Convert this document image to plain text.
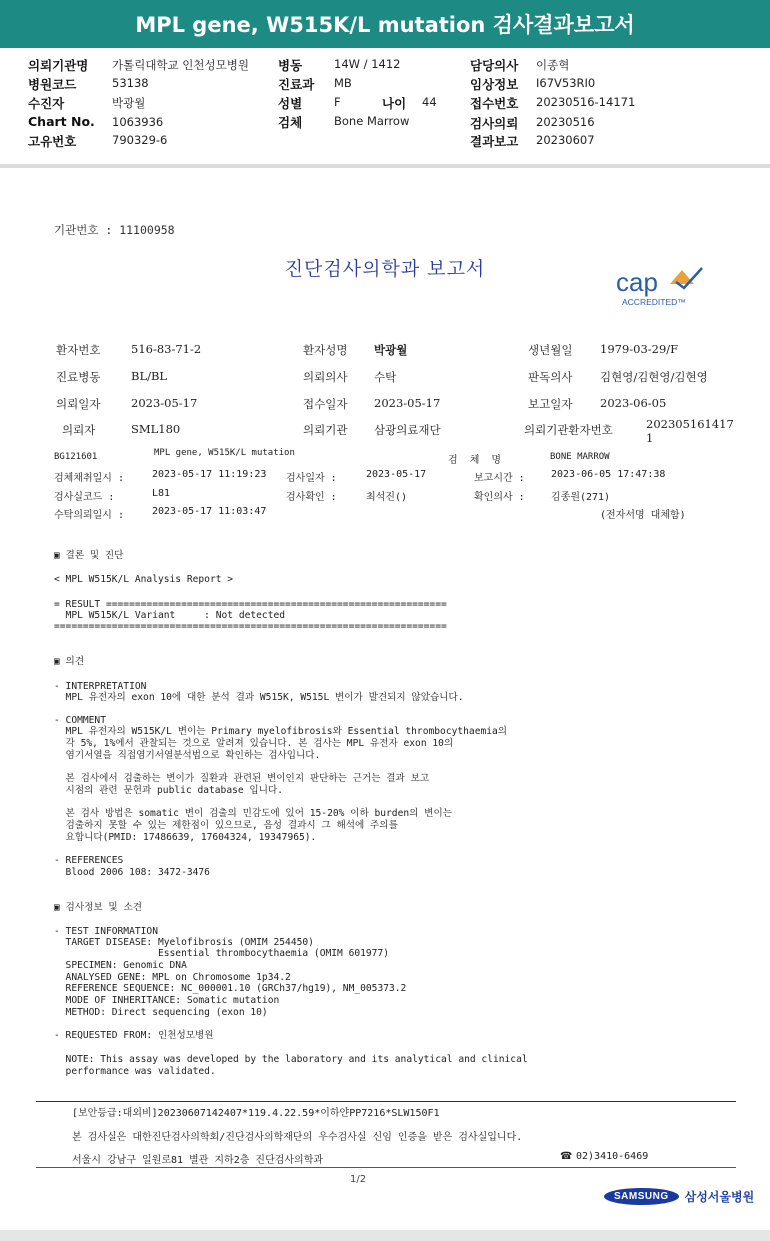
MPL gene, W515K/L mutation 검사결과보고서
의뢰기관명 가톨릭대학교 인천성모병원 병동	14W / 1412	담당의사 이종혁
병원코드	53138	진료과 MB	임상정보 I67V53RI0
수진자	박광월	성별	F	나이 44	접수번호 20230516-14171
Chart No. 1063936	검체	Bone Marrow	검사의뢰 20230516
고유번호	790329-6	결과보고 20230607
기관번호 : 11100958
진단검사의학과 보고서	cap
ACCREDITED™
환자번호	516-83-71-2	환자성명 박광월	생년월일 1979-03-29/F
진료병동	BL/BL	의뢰의사 수탁	판독의사 김현영/김현영/김현영
의뢰일자	2023-05-17	접수일자 2023-05-17	보고일자 2023-06-05
의뢰자	SML180	의뢰기관 삼광의료재단	의뢰기관환자번호	202305161417
1
BG121601	MPL gene, W515K/L mutation
검  체  명	BONE MARROW
검체채취일시 :	2023-05-17 11:19:23 검사일자 :	2023-05-17	보고시간 :	2023-06-05 17:47:38
검사실코드 :	L81	검사확인 :	최석진()	확인의사 :	김종원(271)
수탁의뢰일시 :	2023-05-17 11:03:47	(전자서명 대체함)
▣ 결론 및 진단
< MPL W515K/L Analysis Report >
= RESULT ===========================================================
MPL W515K/L Variant     : Not detected
====================================================================
▣ 의견
- INTERPRETATION
MPL 유전자의 exon 10에 대한 분석 결과 W515K, W515L 변이가 발견되지 않았습니다.
- COMMENT
MPL 유전자의 W515K/L 변이는 Primary myelofibrosis와 Essential thrombocythaemia의
각 5%, 1%에서 관찰되는 것으로 알려져 있습니다. 본 검사는 MPL 유전자 exon 10의
염기서열을 직접염기서열분석법으로 확인하는 검사입니다.
본 검사에서 검출하는 변이가 질환과 관련된 변이인지 판단하는 근거는 결과 보고
시점의 관련 문헌과 public database 입니다.
본 검사 방법은 somatic 변이 검출의 민감도에 있어 15-20% 이하 burden의 변이는
검출하지 못할 수 있는 제한점이 있으므로, 음성 결과시 그 해석에 주의를
요합니다(PMID: 17486639, 17604324, 19347965).
- REFERENCES
Blood 2006 108: 3472-3476
▣ 검사정보 및 소견
- TEST INFORMATION
TARGET DISEASE: Myelofibrosis (OMIM 254450)
Essential thrombocythaemia (OMIM 601977)
SPECIMEN: Genomic DNA
ANALYSED GENE: MPL on Chromosome 1p34.2
REFERENCE SEQUENCE: NC_000001.10 (GRCh37/hg19), NM_005373.2
MODE OF INHERITANCE: Somatic mutation
METHOD: Direct sequencing (exon 10)
- REQUESTED FROM: 인천성모병원
NOTE: This assay was developed by the laboratory and its analytical and clinical
performance was validated.
[보안등급:대외비]20230607142407*119.4.22.59*이하얀PP7216*SLW150F1
본 검사실은 대한진단검사의학회/진단검사의학재단의 우수검사실 신임 인증을 받은 검사실입니다.
서울시 강남구 일원로81 별관 지하2층 진단검사의학과	☎ 02)3410-6469
1/2
SAMSUNG	삼성서울병원
